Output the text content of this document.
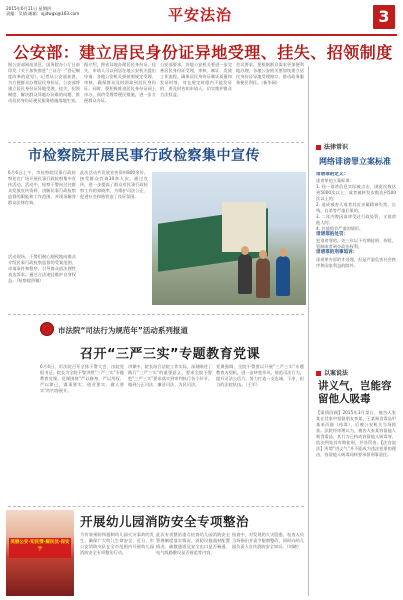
2015年6月11日 星期四
责编：吴倩 邮箱：xjjdwgx@163.com	平安法治	3
公安部：建立居民身份证异地受理、挂失、招领制度
据公安部网站消息，国务院办公厅日前印发《关于加快推进“三证合一”登记制度改革的意见》。记者从公安部获悉，为方便群众办理居民身份证，公安部将建立居民身份证异地受理、挂失、招领制度，解决群众异地办证难的问题，推动居民身份证便民服务措施落地生效。
据介绍，跨省异地办理居民身份证、挂失，申请人可以到居住地公安机关提出申请，各地公安机关要按照规定受理、审核，确保群众及时领取到居民身份证。同时，要积极推进居民身份证网上申办、预约受理等便民措施，进一步方便群众办证。
公安部要求，各地公安机关要进一步完善居民身份证受理、审核、制证、发放工作流程，确保居民身份证制证质量和发证时效，对在规定时限内不能发证的，要及时告知申请人，切实维护群众合法权益。
会议要求，要根据群众需求更加便利地办理，各地公安机关要加快建立居民身份证异地受理窗口，推动政务服务便民利民。（新华网）
市检察院开展民事行政检察集中宣传
6月6日上午，市检察院民事行政检察处在广场开展民事行政检察集中宣传活动。活动中，检察干警向过往群众发放宣传资料，讲解民事行政检察监督的职能和工作范围，并现场解答群众法律咨询。
此次活动共发放宣传资料800余份，接受群众咨询30余人次。通过宣传，进一步提高了群众对民事行政检察工作的知晓率，为维护司法公正、促进社会和谐营造了良好氛围。
活动现场，干警们耐心细致地向群众介绍民事行政检察监督的受案范围、申请条件和程序，引导群众依法理性表达诉求，通过合法途径维护自身权益。（检察院供稿）
法律常识
网络诽谤罪立案标准
诽谤罪的定义：
诽谤罪的立案标准：
1. 同一诽谤信息实际被点击、浏览次数达到5000次以上，或者被转发次数达到500次以上的；
2. 造成被害人或者其近亲属精神失常、自残、自杀等严重后果的；
3. 二年内曾因诽谤受过行政处罚，又诽谤他人的；
4. 其他情节严重的情形。
诽谤罪的处罚：
犯诽谤罪的，处三年以下有期徒刑、拘役、管制或者剥夺政治权利。
诽谤罪的刑事追诉：
诽谤罪告诉的才处理，但是严重危害社会秩序和国家利益的除外。
以案说法
讲义气，岂能容留他人吸毒
【案情回顾】2015年3月某日，被告人张某在其家中容留朋友李某、王某吸食毒品甲基苯丙胺（冰毒），后被公安机关当场抓获。法院经审理认为，被告人张某容留他人吸食毒品，其行为已构成容留他人吸毒罪，依法判处其有期徒刑，并处罚金。【法官说法】所谓“讲义气”并不能成为违法犯罪的理由，容留他人吸毒同样要承担刑事责任。
市法院“司法行为规范年”活动系列报道
召开“三严三实”专题教育党课
6月4日，市法院召开全体干警大会，由院党组书记、院长为全院干警讲授“三严三实”专题教育党课。党课围绕“严以修身、严以用权、严以律己，谋事要实、创业要实、做人要实”的内容展开。
讲课中，院长结合法院工作实际，深刻阐述了践行“三严三实”的重要意义，要求全院干警把“三严三实”要求落实到审判执行各个环节，做到公正司法、廉洁司法、为民司法。
党课强调，全院干警要以开展“三严三实”专题教育为契机，进一步转变作风，规范司法行为，提升司法公信力，努力打造一支忠诚、干净、担当的法院队伍。（王军）
美丽公安·知民情·解民忧·保安宁
开展幼儿园消防安全专项整治
为有效预防和遏制幼儿园火灾事故的发生，确保广大幼儿生命安全，近日，市公安消防支队在全市范围内开展幼儿园消防安全专项整治行动。
此次专项整治重点检查幼儿园消防安全管理制度落实情况、消防设施器材配置情况、疏散通道及安全出口是否畅通、电气线路敷设是否规范等内容。
检查中，对发现的火灾隐患，检查人员当场指出并责令限期整改，同时向幼儿园负责人宣传消防安全知识。（刘晓）
